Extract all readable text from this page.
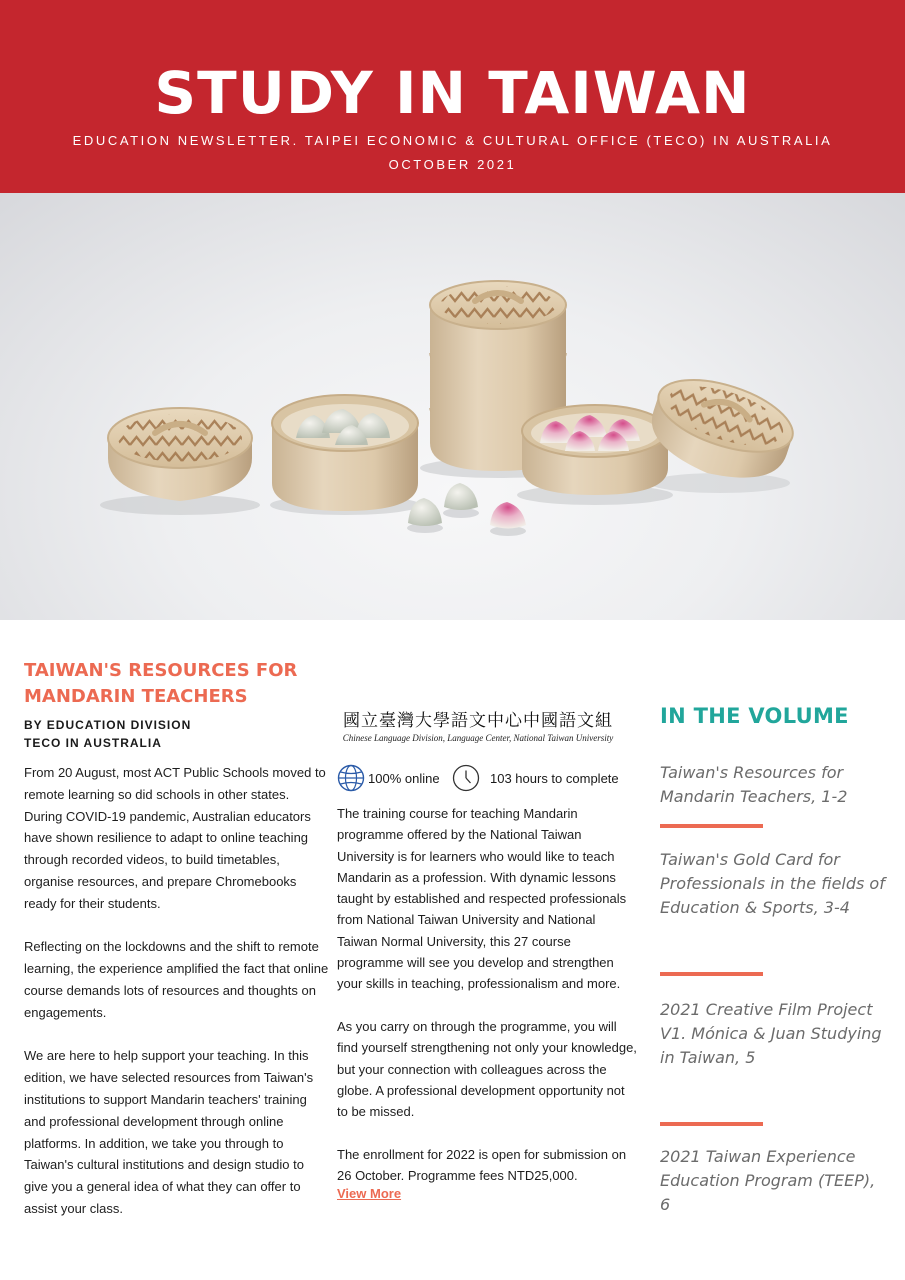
STUDY IN TAIWAN
EDUCATION NEWSLETTER. TAIPEI ECONOMIC & CULTURAL OFFICE (TECO) IN AUSTRALIA
OCTOBER 2021
TAIWAN'S RESOURCES FOR MANDARIN TEACHERS
BY EDUCATION DIVISION
TECO IN AUSTRALIA

From 20 August, most ACT Public Schools moved to remote learning so did schools in other states. During COVID-19 pandemic, Australian educators have shown resilience to adapt to online teaching through recorded videos, to build timetables, organise resources, and prepare Chromebooks ready for their students.

Reflecting on the lockdowns and the shift to remote learning, the experience amplified the fact that online course demands lots of resources and thoughts on engagements.

We are here to help support your teaching. In this edition, we have selected resources from Taiwan's institutions to support Mandarin teachers' training and professional development through online platforms. In addition, we take you through to Taiwan's cultural institutions and design studio to give you a general idea of what they can offer to assist your class.

國立臺灣大學語文中心中國語文組
Chinese Language Division, Language Center, National Taiwan University
100% online	103 hours to complete

The training course for teaching Mandarin programme offered by the National Taiwan University is for learners who would like to teach Mandarin as a profession. With dynamic lessons taught by established and respected professionals from National Taiwan University and National Taiwan Normal University, this 27 course programme will see you develop and strengthen your skills in teaching, professionalism and more.

As you carry on through the programme, you will find yourself strengthening not only your knowledge, but your connection with colleagues across the globe. A professional development opportunity not to be missed.

The enrollment for 2022 is open for submission on 26 October. Programme fees NTD25,000.

View More
IN THE VOLUME
Taiwan's Resources for Mandarin Teachers, 1-2
Taiwan's Gold Card for Professionals in the fields of Education & Sports, 3-4
2021 Creative Film Project V1. Mónica & Juan Studying in Taiwan, 5
2021 Taiwan Experience Education Program (TEEP), 6
